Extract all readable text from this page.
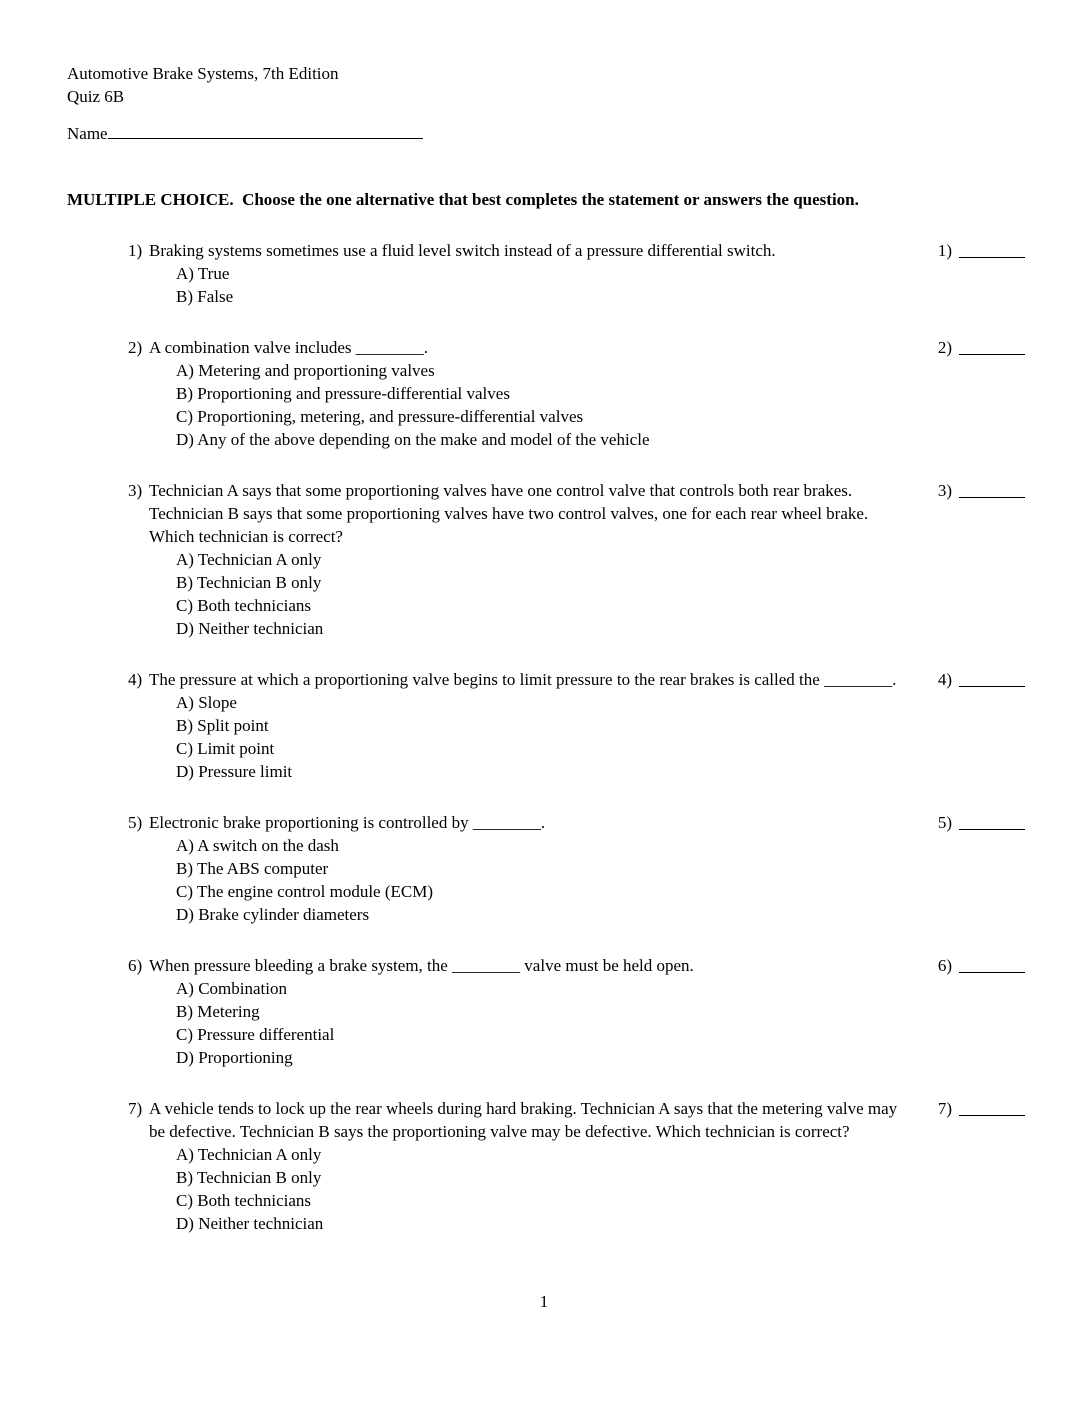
Automotive Brake Systems, 7th Edition
Quiz 6B
Name
MULTIPLE CHOICE.  Choose the one alternative that best completes the statement or answers the question.
1) Braking systems sometimes use a fluid level switch instead of a pressure differential switch.	1)
A) True
B) False
2) A combination valve includes ________.	2)
A) Metering and proportioning valves
B) Proportioning and pressure-differential valves
C) Proportioning, metering, and pressure-differential valves
D) Any of the above depending on the make and model of the vehicle
3) Technician A says that some proportioning valves have one control valve that controls both rear brakes. Technician B says that some proportioning valves have two control valves, one for each rear wheel brake. Which technician is correct?

3)
A) Technician A only
B) Technician B only
C) Both technicians
D) Neither technician
4) The pressure at which a proportioning valve begins to limit pressure to the rear brakes is called the ________.	4)
A) Slope
B) Split point
C) Limit point
D) Pressure limit
5) Electronic brake proportioning is controlled by ________.	5)
A) A switch on the dash
B) The ABS computer
C) The engine control module (ECM)
D) Brake cylinder diameters
6) When pressure bleeding a brake system, the ________ valve must be held open.	6)
A) Combination
B) Metering
C) Pressure differential
D) Proportioning
7) A vehicle tends to lock up the rear wheels during hard braking. Technician A says that the metering valve may be defective. Technician B says the proportioning valve may be defective. Which technician is correct?

7)
A) Technician A only
B) Technician B only
C) Both technicians
D) Neither technician
1
